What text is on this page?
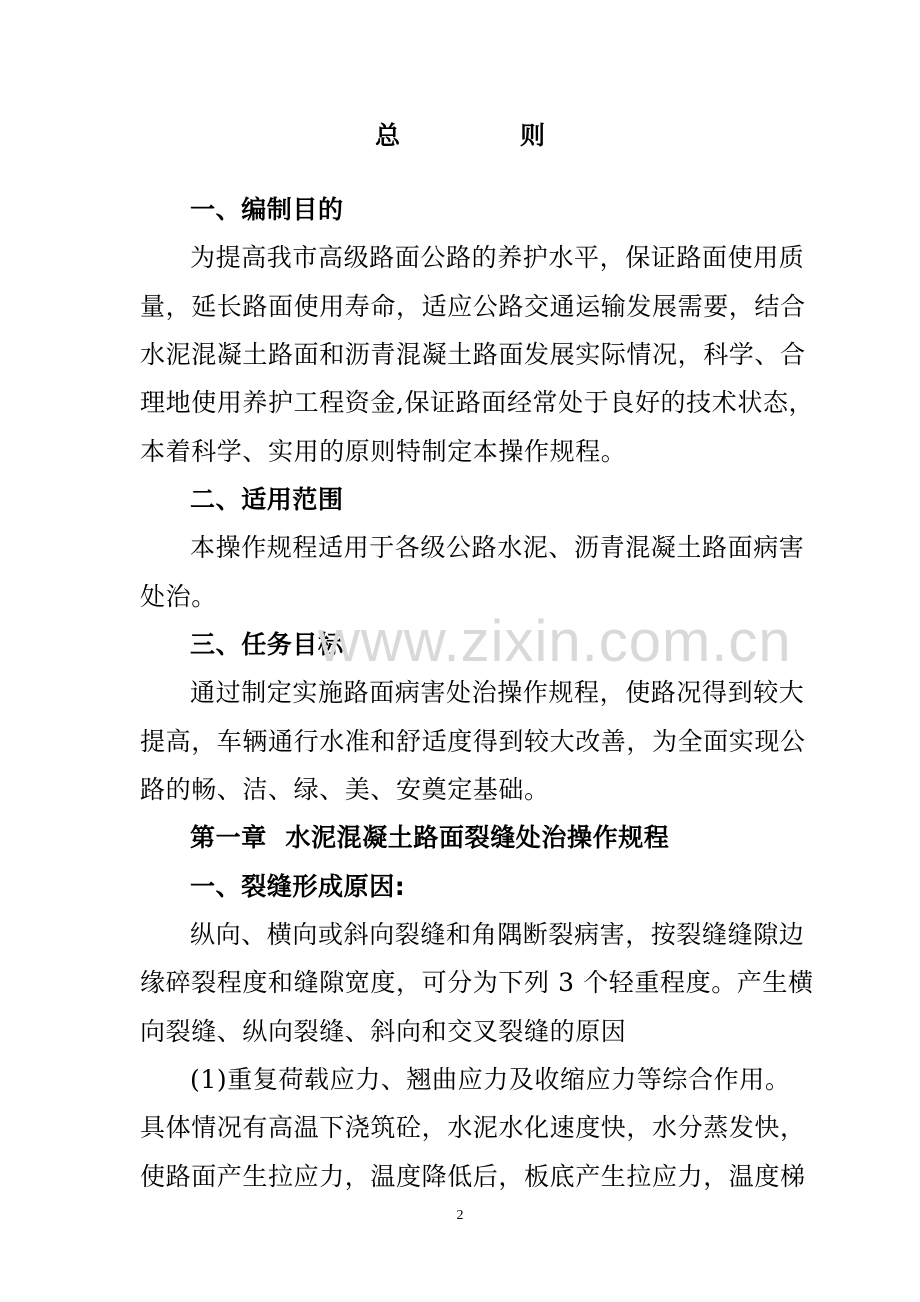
总	则
一、编制目的
为提高我市高级路面公路的养护水平，保证路面使用质
量，延长路面使用寿命，适应公路交通运输发展需要，结合
水泥混凝土路面和沥青混凝土路面发展实际情况，科学、合
理地使用养护工程资金,保证路面经常处于良好的技术状态，
本着科学、实用的原则特制定本操作规程。
二、适用范围
本操作规程适用于各级公路水泥、沥青混凝土路面病害
处治。
三、任务目标
通过制定实施路面病害处治操作规程，使路况得到较大
提高，车辆通行水准和舒适度得到较大改善，为全面实现公
路的畅、洁、绿、美、安奠定基础。
第一章  水泥混凝土路面裂缝处治操作规程
一、裂缝形成原因:
纵向、横向或斜向裂缝和角隅断裂病害，按裂缝缝隙边
缘碎裂程度和缝隙宽度，可分为下列 3 个轻重程度。产生横
向裂缝、纵向裂缝、斜向和交叉裂缝的原因
(1)重复荷载应力、翘曲应力及收缩应力等综合作用。
具体情况有高温下浇筑砼，水泥水化速度快，水分蒸发快，
使路面产生拉应力，温度降低后，板底产生拉应力，温度梯
www.zixin.com.cn
2
